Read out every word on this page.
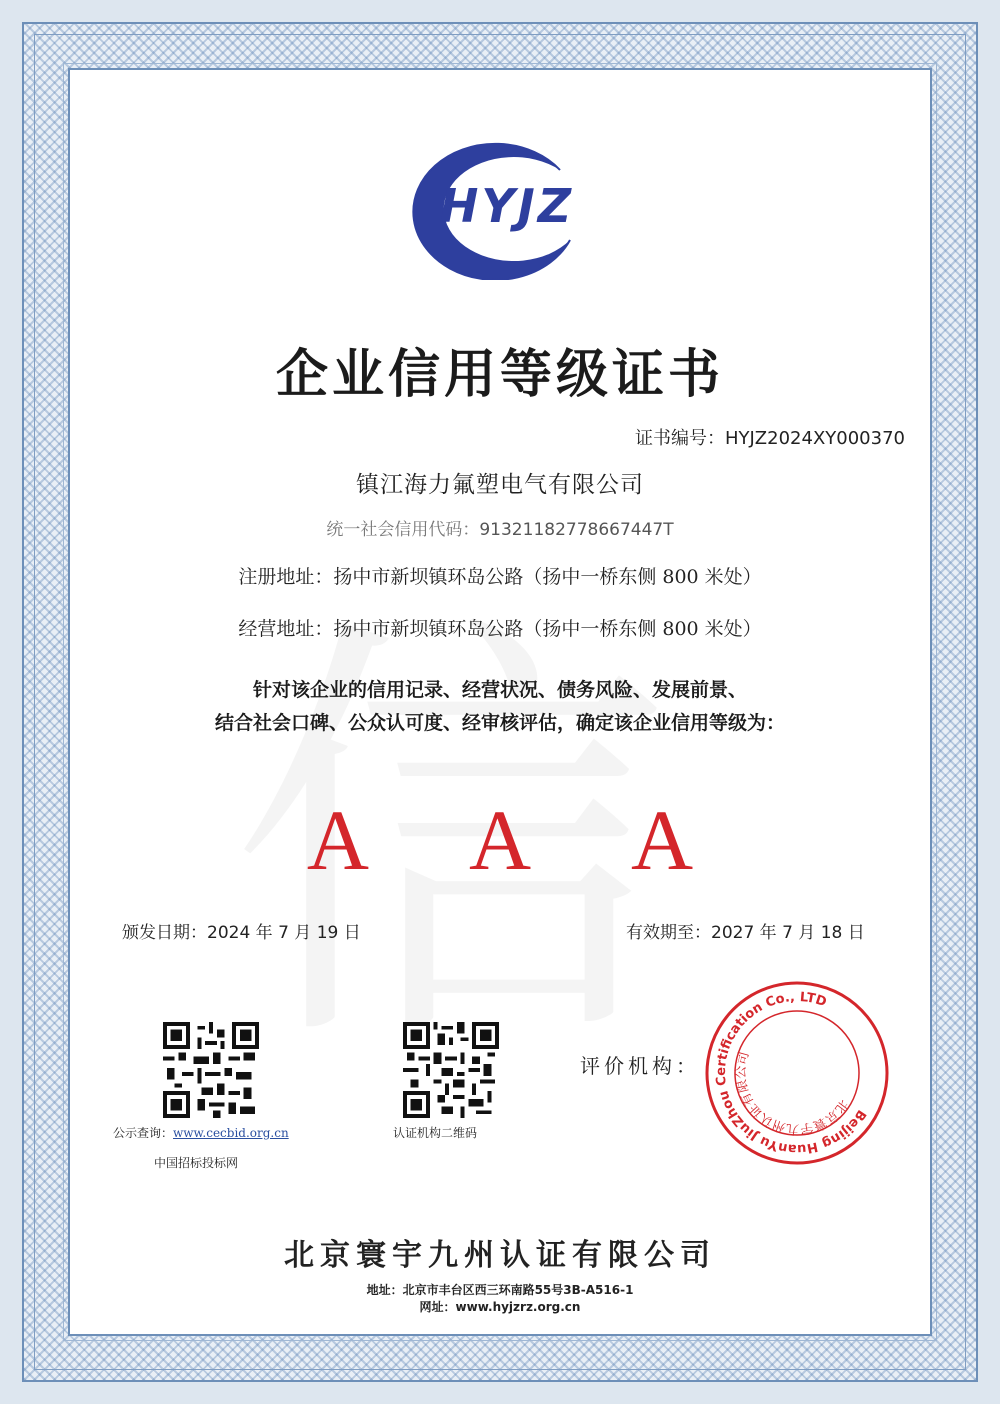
HYJZ
企业信用等级证书
证书编号：HYJZ2024XY000370
镇江海力氟塑电气有限公司
统一社会信用代码：91321182778667447T
注册地址：扬中市新坝镇环岛公路（扬中一桥东侧 800 米处）
经营地址：扬中市新坝镇环岛公路（扬中一桥东侧 800 米处）
针对该企业的信用记录、经营状况、债务风险、发展前景、
结合社会口碑、公众认可度、经审核评估，确定该企业信用等级为：
A A A
颁发日期：2024 年 7 月 19 日	有效期至：2027 年 7 月 18 日
公示查询：www.cecbid.org.cn
中国招标投标网
认证机构二维码
评价机构：
Beijing HuanYu JiuZhou Certification Co., LTD
北京寰宇九州认证有限公司
北京寰宇九州认证有限公司
地址：北京市丰台区西三环南路55号3B-A516-1
网址：www.hyjzrz.org.cn
